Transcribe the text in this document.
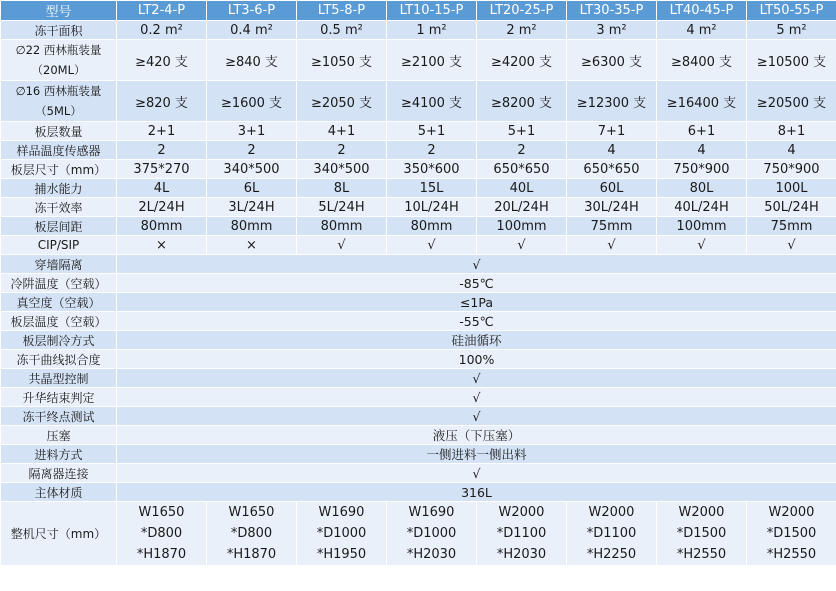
型号	LT2-4-P	LT3-6-P	LT5-8-P	LT10-15-P	LT20-25-P	LT30-35-P	LT40-45-P	LT50-55-P
冻干面积	0.2 m²	0.4 m²	0.5 m²	1 m²	2 m²	3 m²	4 m²	5 m²
∅22 西林瓶装量
（20ML）	≥420 支	≥840 支	≥1050 支	≥2100 支	≥4200 支	≥6300 支	≥8400 支	≥10500 支
∅16 西林瓶装量
（5ML）	≥820 支	≥1600 支	≥2050 支	≥4100 支	≥8200 支	≥12300 支	≥16400 支	≥20500 支
板层数量	2+1	3+1	4+1	5+1	5+1	7+1	6+1	8+1
样品温度传感器	2	2	2	2	2	4	4	4
板层尺寸（mm）	375*270	340*500	340*500	350*600	650*650	650*650	750*900	750*900
捕水能力	4L	6L	8L	15L	40L	60L	80L	100L
冻干效率	2L/24H	3L/24H	5L/24H	10L/24H	20L/24H	30L/24H	40L/24H	50L/24H
板层间距	80mm	80mm	80mm	80mm	100mm	75mm	100mm	75mm
CIP/SIP	×	×	√	√	√	√	√	√
穿墙隔离	√							
冷阱温度（空载）	-85℃							
真空度（空载）	≤1Pa							
板层温度（空载）	-55℃							
板层制冷方式	硅油循环							
冻干曲线拟合度	100%							
共晶型控制	√							
升华结束判定	√							
冻干终点测试	√							
压塞	液压（下压塞）							
进料方式	一侧进料一侧出料							
隔离器连接	√							
主体材质	316L							
整机尺寸（mm）	W1650
*D800
*H1870	W1650
*D800
*H1870	W1690
*D1000
*H1950	W1690
*D1000
*H2030	W2000
*D1100
*H2030	W2000
*D1100
*H2250	W2000
*D1500
*H2550	W2000
*D1500
*H2550
